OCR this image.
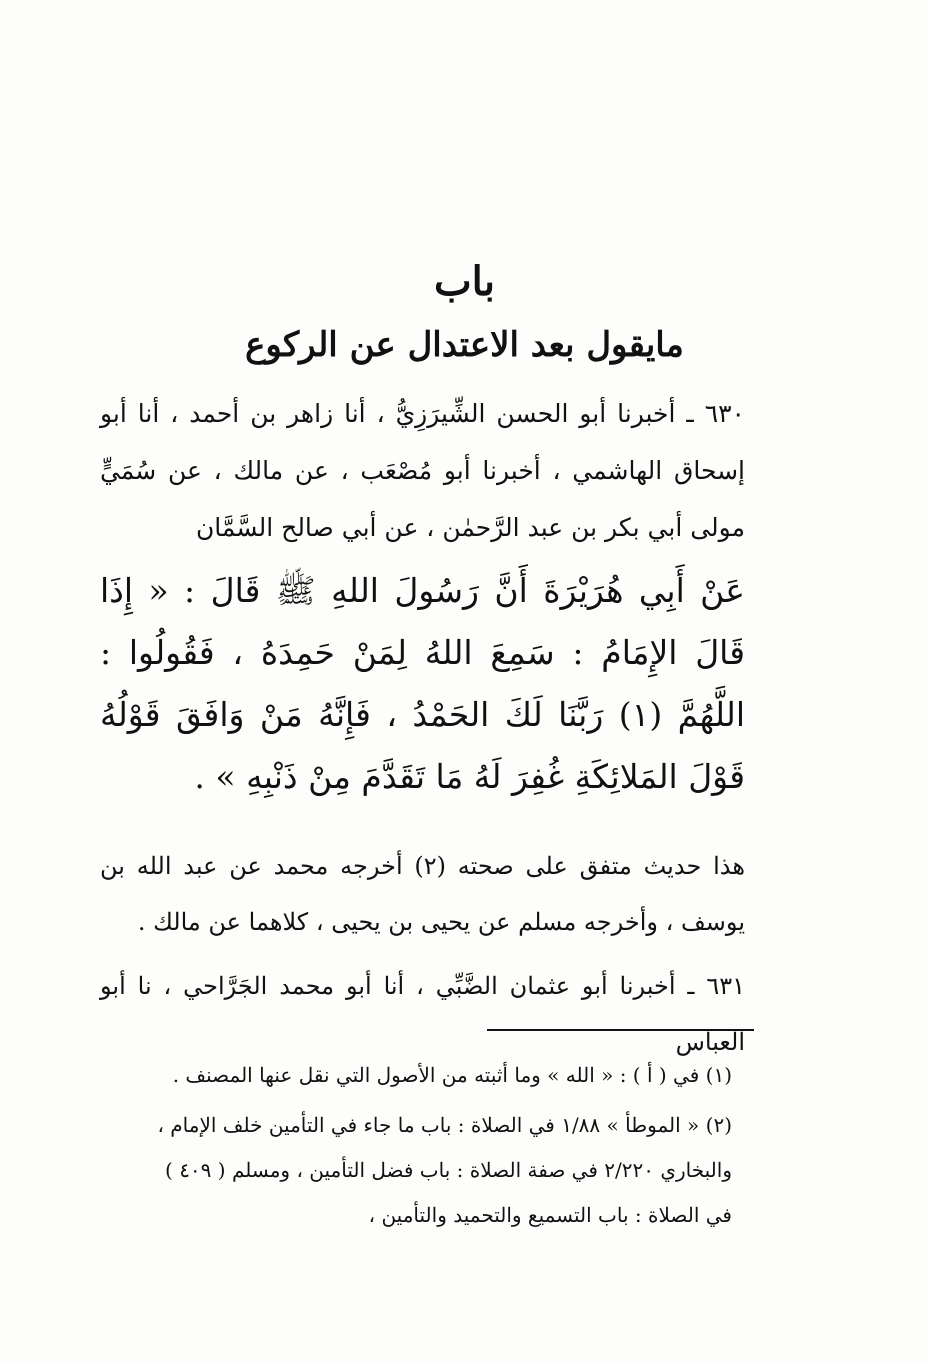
باب
مايقول بعد الاعتدال عن الركوع
٦٣٠ ـ أخبرنا أبو الحسن الشِّيرَزِيُّ ، أنا زاهر بن أحمد ، أنا أبو إسحاق الهاشمي ، أخبرنا أبو مُصْعَب ، عن مالك ، عن سُمَيٍّ مولى أبي بكر بن عبد الرَّحمٰن ، عن أبي صالح السَّمَّان
عَنْ أَبِي هُرَيْرَةَ أَنَّ رَسُولَ اللهِ ﷺ قَالَ : « إِذَا قَالَ الإِمَامُ : سَمِعَ اللهُ لِمَنْ حَمِدَهُ ، فَقُولُوا : اللَّهُمَّ (١) رَبَّنَا لَكَ الحَمْدُ ، فَإِنَّهُ مَنْ وَافَقَ قَوْلُهُ قَوْلَ المَلائِكَةِ غُفِرَ لَهُ مَا تَقَدَّمَ مِنْ ذَنْبِهِ » .
هذا حديث متفق على صحته (٢) أخرجه محمد عن عبد الله بن يوسف ، وأخرجه مسلم عن يحيى بن يحيى ، كلاهما عن مالك .
٦٣١ ـ أخبرنا أبو عثمان الضَّبِّي ، أنا أبو محمد الجَرَّاحي ، نا أبو العباس
(١) في ( أ ) : « الله » وما أثبته من الأصول التي نقل عنها المصنف .
(٢) « الموطأ » ١/٨٨ في الصلاة : باب ما جاء في التأمين خلف الإمام ،
والبخاري ٢/٢٢٠ في صفة الصلاة : باب فضل التأمين ، ومسلم ( ٤٠٩ )
في الصلاة : باب التسميع والتحميد والتأمين ،
